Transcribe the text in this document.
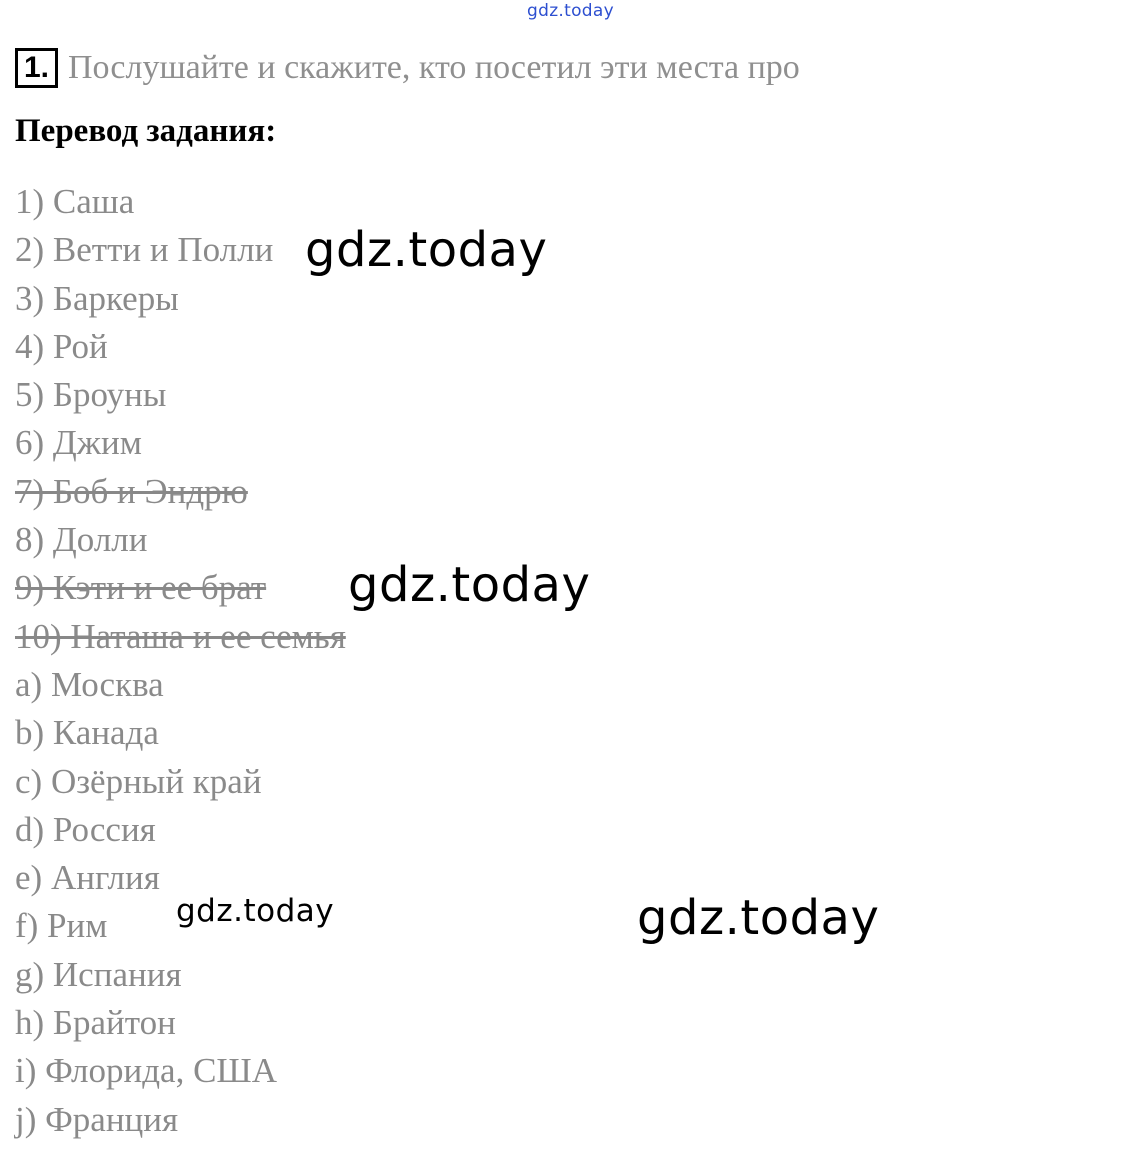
gdz.today
1. Послушайте и скажите, кто посетил эти места про
Перевод задания:
1) Саша
2) Ветти и Полли
3) Баркеры
4) Рой
5) Броуны
6) Джим
7) Боб и Эндрю
8) Долли
9) Кэти и ее брат
10) Наташа и ее семья
a) Москва
b) Канада
c) Озёрный край
d) Россия
e) Англия
f) Рим
g) Испания
h) Брайтон
i) Флорида, США
j) Франция
gdz.today
gdz.today
gdz.today	gdz.today
